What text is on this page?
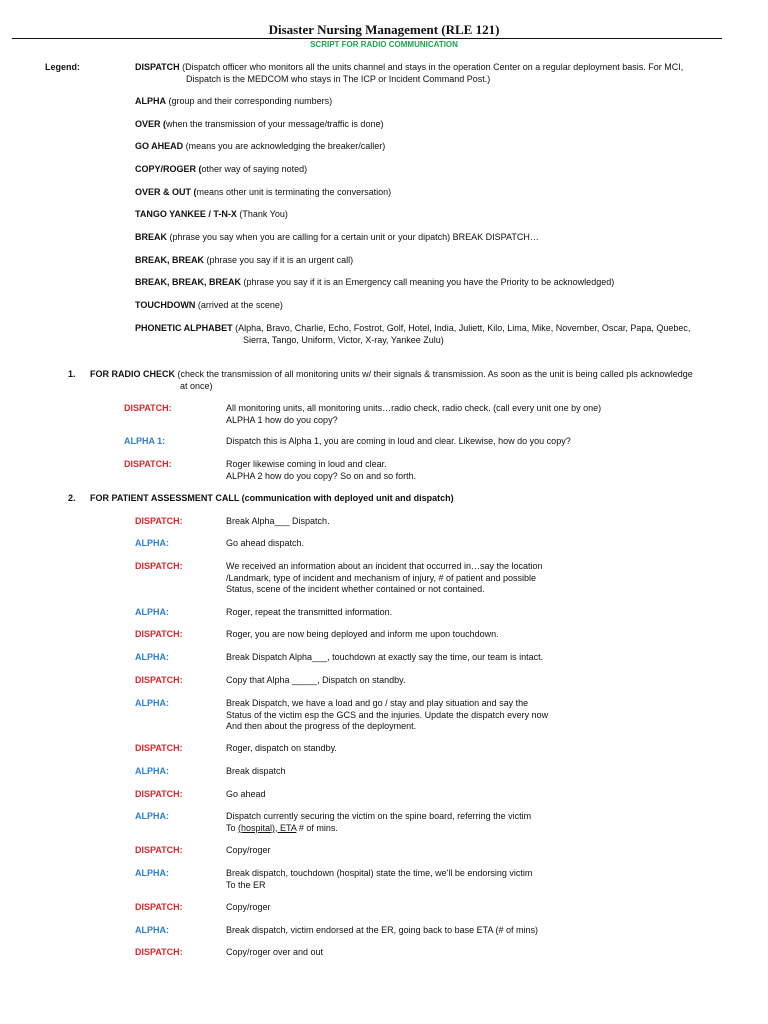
Disaster Nursing Management (RLE 121)
SCRIPT FOR RADIO COMMUNICATION
Legend:	DISPATCH (Dispatch officer who monitors all the units channel and stays in the operation Center on a regular deployment basis. For MCI,
Dispatch is the MEDCOM who stays in The ICP or Incident Command Post.)
ALPHA (group and their corresponding numbers)
OVER (when the transmission of your message/traffic is done)
GO AHEAD (means you are acknowledging the breaker/caller)
COPY/ROGER (other way of saying noted)
OVER & OUT (means other unit is terminating the conversation)
TANGO YANKEE / T-N-X (Thank You)
BREAK (phrase you say when you are calling for a certain unit or your dipatch) BREAK DISPATCH…
BREAK, BREAK (phrase you say if it is an urgent call)
BREAK, BREAK, BREAK (phrase you say if it is an Emergency call meaning you have the Priority to be acknowledged)
TOUCHDOWN (arrived at the scene)
PHONETIC ALPHABET (Alpha, Bravo, Charlie, Echo, Fostrot, Golf, Hotel, India, Juliett, Kilo, Lima, Mike, November, Oscar, Papa, Quebec,
Sierra, Tango, Uniform, Victor, X-ray, Yankee Zulu)
1. FOR RADIO CHECK (check the transmission of all monitoring units w/ their signals & transmission. As soon as the unit is being called pls acknowledge
at once)
DISPATCH:	All monitoring units, all monitoring units…radio check, radio check. (call every unit one by one)
ALPHA 1 how do you copy?
ALPHA 1:	Dispatch this is Alpha 1, you are coming in loud and clear. Likewise, how do you copy?
DISPATCH:	Roger likewise coming in loud and clear.
ALPHA 2 how do you copy? So on and so forth.
2. FOR PATIENT ASSESSMENT CALL (communication with deployed unit and dispatch)
DISPATCH:	Break Alpha___ Dispatch.
ALPHA:	Go ahead dispatch.
DISPATCH:	We received an information about an incident that occurred in…say the location
/Landmark, type of incident and mechanism of injury, # of patient and possible
Status, scene of the incident whether contained or not contained.
ALPHA:	Roger, repeat the transmitted information.
DISPATCH:	Roger, you are now being deployed and inform me upon touchdown.
ALPHA:	Break Dispatch Alpha___, touchdown at exactly say the time, our team is intact.
DISPATCH:	Copy that Alpha _____, Dispatch on standby.
ALPHA:	Break Dispatch, we have a load and go / stay and play situation and say the
Status of the victim esp the GCS and the injuries. Update the dispatch every now
And then about the progress of the deployment.
DISPATCH:	Roger, dispatch on standby.
ALPHA:	Break dispatch
DISPATCH:	Go ahead
ALPHA:	Dispatch currently securing the victim on the spine board, referring the victim
To (hospital), ETA # of mins.
DISPATCH:	Copy/roger
ALPHA:	Break dispatch, touchdown (hospital) state the time, we'll be endorsing victim
To the ER
DISPATCH:	Copy/roger
ALPHA:	Break dispatch, victim endorsed at the ER, going back to base ETA (# of mins)
DISPATCH:	Copy/roger over and out
